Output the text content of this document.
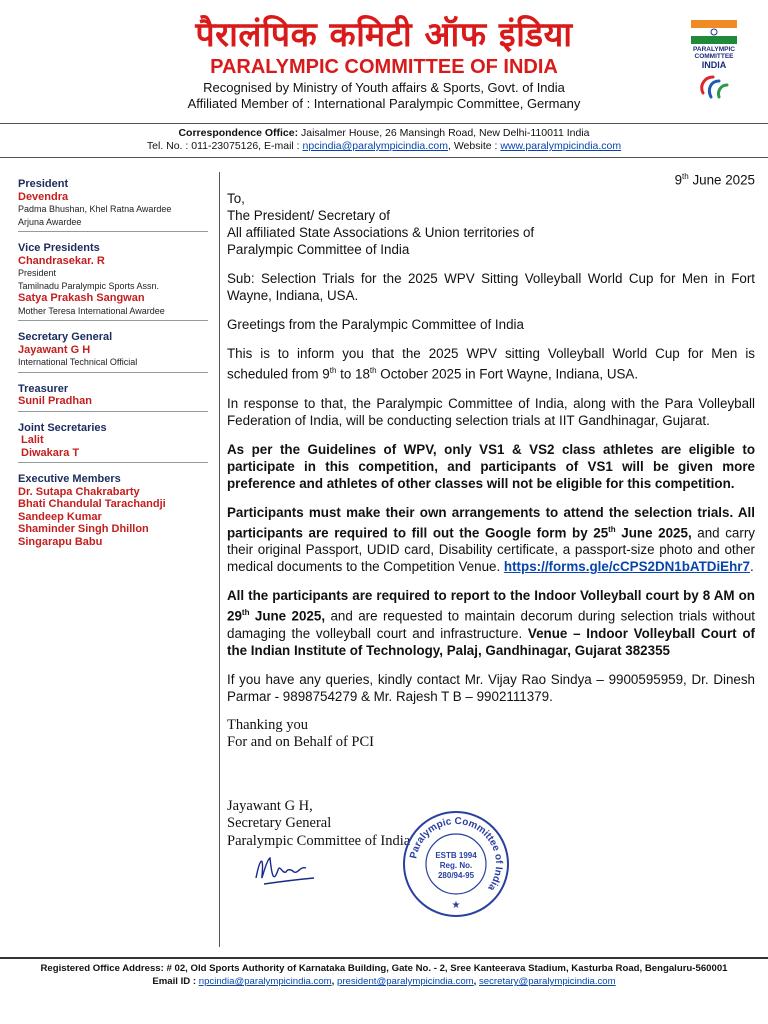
पैरालंपिक कमिटी ऑफ इंडिया
PARALYMPIC COMMITTEE OF INDIA
Recognised by Ministry of Youth affairs & Sports, Govt. of India
Affiliated Member of : International Paralympic Committee, Germany
PARALYMPIC
COMMITTEE
INDIA
Correspondence Office: Jaisalmer House, 26 Mansingh Road, New Delhi-110011 India
Tel. No. : 011-23075126, E-mail : npcindia@paralympicindia.com, Website : www.paralympicindia.com
President
Devendra
Padma Bhushan, Khel Ratna Awardee
Arjuna Awardee
Vice Presidents
Chandrasekar. R
President
Tamilnadu Paralympic Sports Assn.
Satya Prakash Sangwan
Mother Teresa International Awardee
Secretary General
Jayawant G H
International Technical Official
Treasurer
Sunil Pradhan
Joint Secretaries
Lalit
Diwakara T
Executive Members
Dr. Sutapa Chakrabarty
Bhati Chandulal Tarachandji
Sandeep Kumar
Shaminder Singh Dhillon
Singarapu Babu
9th June 2025
To,
The President/ Secretary of
All affiliated State Associations & Union territories of
Paralympic Committee of India
Sub: Selection Trials for the 2025 WPV Sitting Volleyball World Cup for Men in Fort Wayne, Indiana, USA.
Greetings from the Paralympic Committee of India
This is to inform you that the 2025 WPV sitting Volleyball World Cup for Men is scheduled from 9th to 18th October 2025 in Fort Wayne, Indiana, USA.
In response to that, the Paralympic Committee of India, along with the Para Volleyball Federation of India, will be conducting selection trials at IIT Gandhinagar, Gujarat.
As per the Guidelines of WPV, only VS1 & VS2 class athletes are eligible to participate in this competition, and participants of VS1 will be given more preference and athletes of other classes will not be eligible for this competition.
Participants must make their own arrangements to attend the selection trials. All participants are required to fill out the Google form by 25th June 2025, and carry their original Passport, UDID card, Disability certificate, a passport-size photo and other medical documents to the Competition Venue. https://forms.gle/cCPS2DN1bATDiEhr7.
All the participants are required to report to the Indoor Volleyball court by 8 AM on 29th June 2025, and are requested to maintain decorum during selection trials without damaging the volleyball court and infrastructure. Venue – Indoor Volleyball Court of the Indian Institute of Technology, Palaj, Gandhinagar, Gujarat 382355
If you have any queries, kindly contact Mr. Vijay Rao Sindya – 9900595959, Dr. Dinesh Parmar - 9898754279 & Mr. Rajesh T B – 9902111379.
Thanking you
For and on Behalf of PCI
Jayawant G H,
Secretary General
Paralympic Committee of India
Paralympic Committee of India
ESTB 1994
Reg. No.
280/94-95
★
Registered Office Address: # 02, Old Sports Authority of Karnataka Building, Gate No. - 2, Sree Kanteerava Stadium, Kasturba Road, Bengaluru-560001
Email ID : npcindia@paralympicindia.com, president@paralympicindia.com, secretary@paralympicindia.com
